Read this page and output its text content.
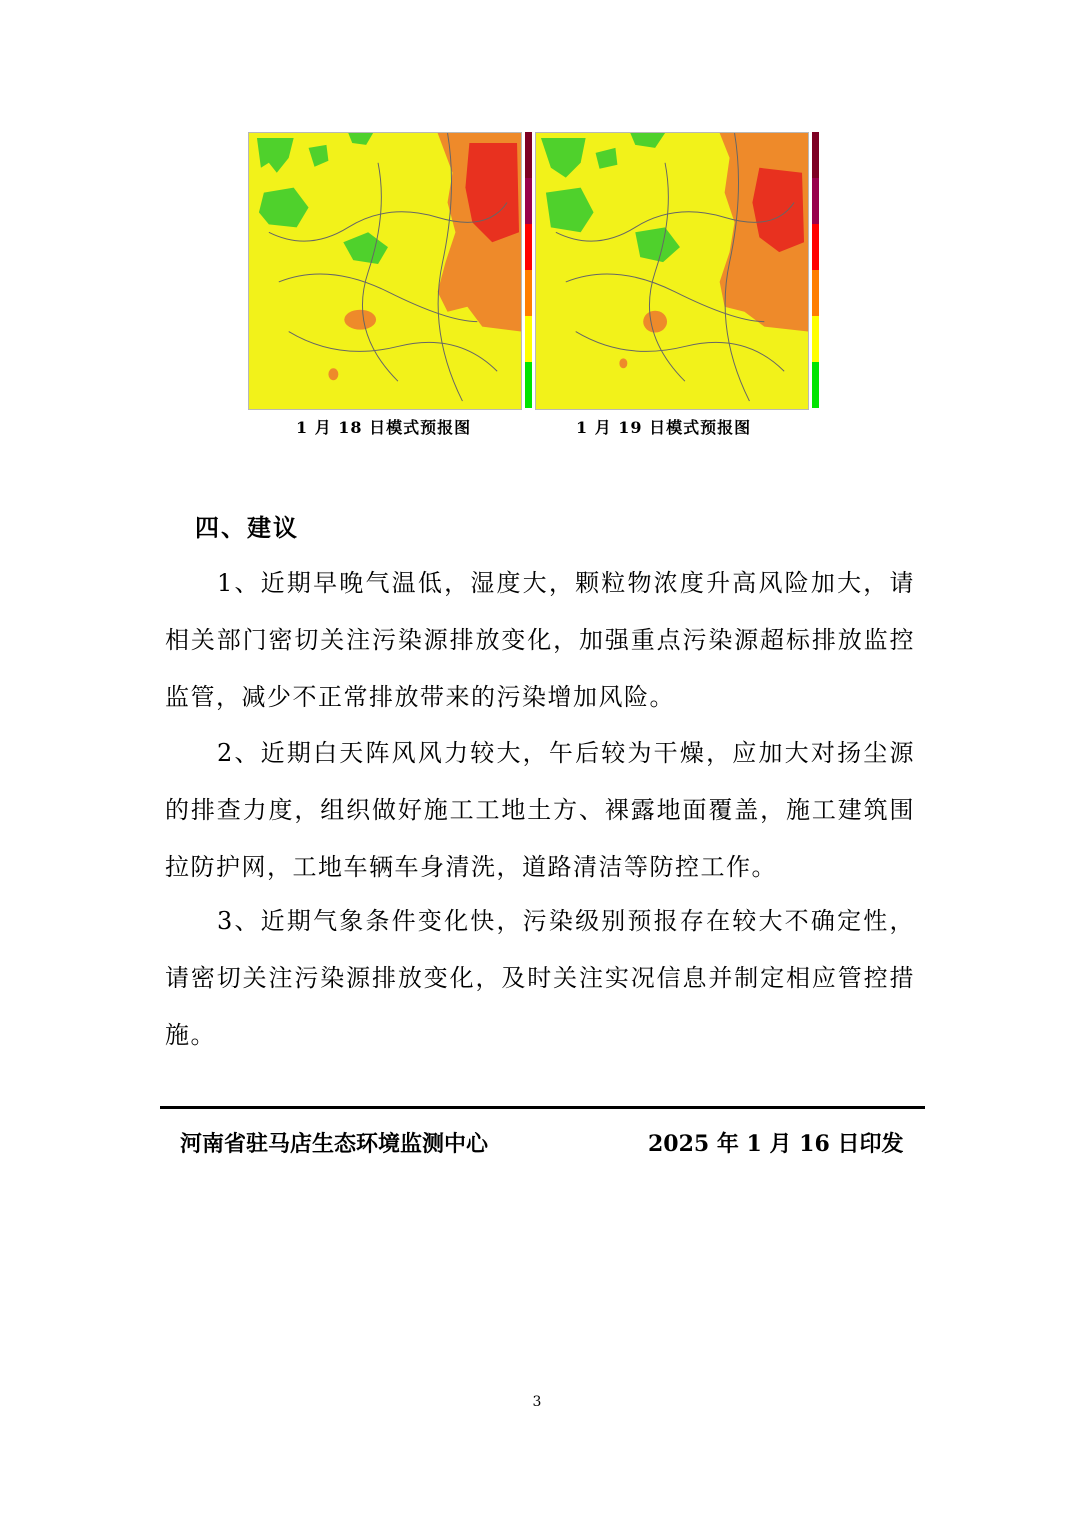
1 月 18 日模式预报图	1 月 19 日模式预报图
四、建议

1、近期早晚气温低，湿度大，颗粒物浓度升高风险加大，请相关部门密切关注污染源排放变化，加强重点污染源超标排放监控监管，减少不正常排放带来的污染增加风险。

2、近期白天阵风风力较大，午后较为干燥，应加大对扬尘源的排查力度，组织做好施工工地土方、裸露地面覆盖，施工建筑围拉防护网，工地车辆车身清洗，道路清洁等防控工作。

3、近期气象条件变化快，污染级别预报存在较大不确定性，请密切关注污染源排放变化，及时关注实况信息并制定相应管控措施。

河南省驻马店生态环境监测中心	2025 年 1 月 16 日印发
3
